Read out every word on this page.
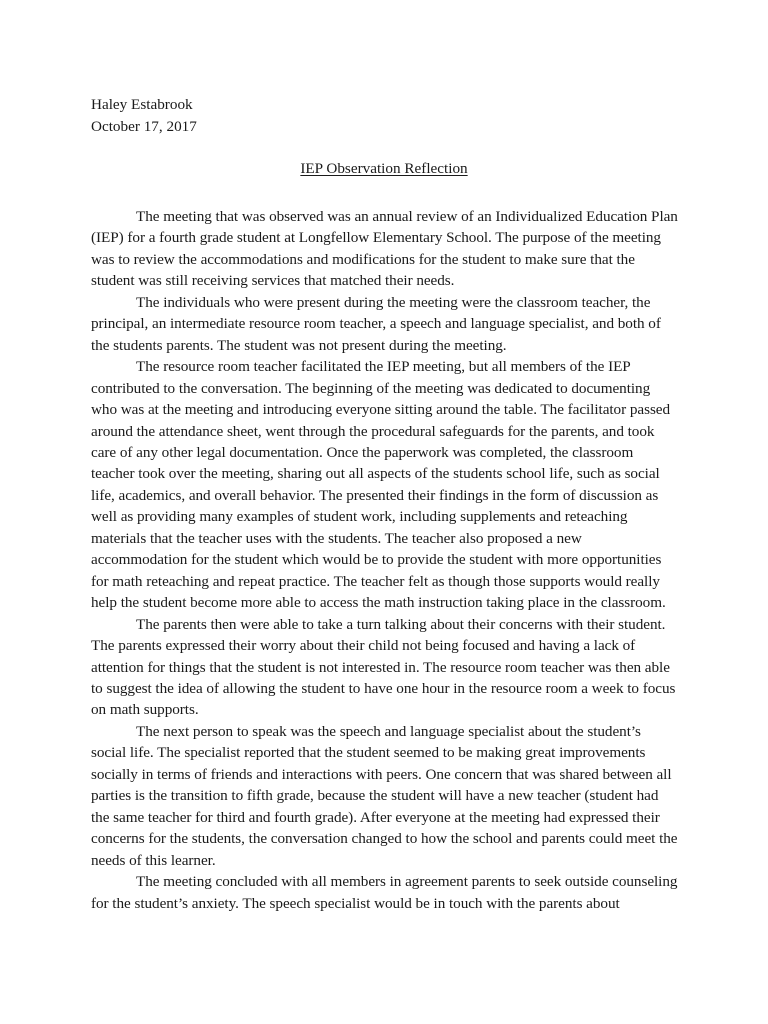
Haley Estabrook
October 17, 2017
IEP Observation Reflection

The meeting that was observed was an annual review of an Individualized Education Plan (IEP) for a fourth grade student at Longfellow Elementary School. The purpose of the meeting was to review the accommodations and modifications for the student to make sure that the student was still receiving services that matched their needs.

The individuals who were present during the meeting were the classroom teacher, the principal, an intermediate resource room teacher, a speech and language specialist, and both of the students parents. The student was not present during the meeting.

The resource room teacher facilitated the IEP meeting, but all members of the IEP contributed to the conversation. The beginning of the meeting was dedicated to documenting who was at the meeting and introducing everyone sitting around the table. The facilitator passed around the attendance sheet, went through the procedural safeguards for the parents, and took care of any other legal documentation. Once the paperwork was completed, the classroom teacher took over the meeting, sharing out all aspects of the students school life, such as social life, academics, and overall behavior. The presented their findings in the form of discussion as well as providing many examples of student work, including supplements and reteaching materials that the teacher uses with the students. The teacher also proposed a new accommodation for the student which would be to provide the student with more opportunities for math reteaching and repeat practice. The teacher felt as though those supports would really help the student become more able to access the math instruction taking place in the classroom.

The parents then were able to take a turn talking about their concerns with their student. The parents expressed their worry about their child not being focused and having a lack of attention for things that the student is not interested in. The resource room teacher was then able to suggest the idea of allowing the student to have one hour in the resource room a week to focus on math supports.

The next person to speak was the speech and language specialist about the student’s social life. The specialist reported that the student seemed to be making great improvements socially in terms of friends and interactions with peers. One concern that was shared between all parties is the transition to fifth grade, because the student will have a new teacher (student had the same teacher for third and fourth grade). After everyone at the meeting had expressed their concerns for the students, the conversation changed to how the school and parents could meet the needs of this learner.

The meeting concluded with all members in agreement parents to seek outside counseling for the student’s anxiety. The speech specialist would be in touch with the parents about
